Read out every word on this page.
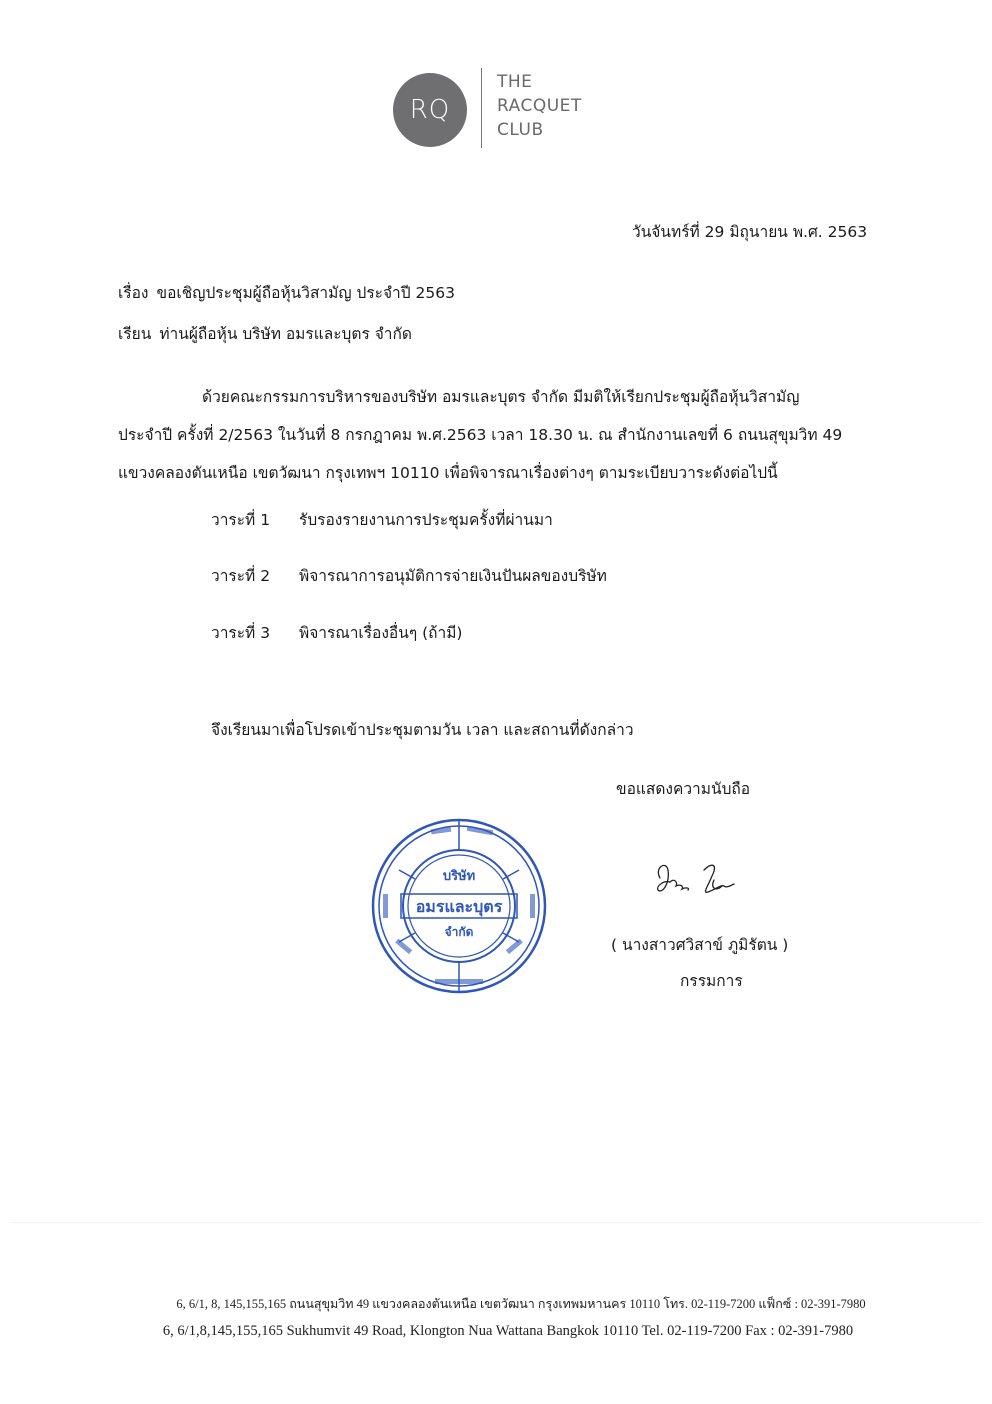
RQ
THE
RACQUET
CLUB
วันจันทร์ที่ 29 มิถุนายน พ.ศ. 2563
เรื่อง ขอเชิญประชุมผู้ถือหุ้นวิสามัญ ประจำปี 2563
เรียน ท่านผู้ถือหุ้น บริษัท อมรและบุตร จำกัด
ด้วยคณะกรรมการบริหารของบริษัท อมรและบุตร จำกัด มีมติให้เรียกประชุมผู้ถือหุ้นวิสามัญ
ประจำปี ครั้งที่ 2/2563 ในวันที่ 8 กรกฎาคม พ.ศ.2563 เวลา 18.30 น. ณ สำนักงานเลขที่ 6 ถนนสุขุมวิท 49
แขวงคลองตันเหนือ เขตวัฒนา กรุงเทพฯ 10110 เพื่อพิจารณาเรื่องต่างๆ ตามระเบียบวาระดังต่อไปนี้
วาระที่ 1 รับรองรายงานการประชุมครั้งที่ผ่านมา
วาระที่ 2 พิจารณาการอนุมัติการจ่ายเงินปันผลของบริษัท
วาระที่ 3 พิจารณาเรื่องอื่นๆ (ถ้ามี)
จึงเรียนมาเพื่อโปรดเข้าประชุมตามวัน เวลา และสถานที่ดังกล่าว
ขอแสดงความนับถือ
บริษัท
อมรและบุตร
จำกัด
( นางสาวศวิสาข์ ภูมิรัตน )
กรรมการ
6, 6/1, 8, 145,155,165 ถนนสุขุมวิท 49 แขวงคลองตันเหนือ เขตวัฒนา กรุงเทพมหานคร 10110 โทร. 02-119-7200 แฟ็กซ์ : 02-391-7980
6, 6/1,8,145,155,165 Sukhumvit 49 Road, Klongton Nua Wattana Bangkok 10110 Tel. 02-119-7200 Fax : 02-391-7980
